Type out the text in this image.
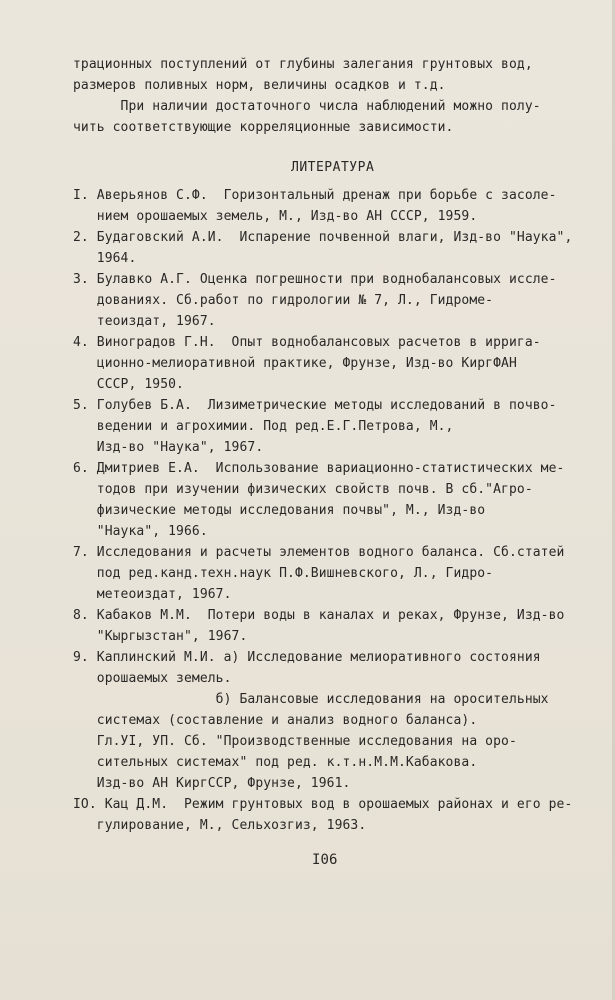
трационных поступлений от глубины залегания грунтовых вод,
размеров поливных норм, величины осадков и т.д.
При наличии достаточного числа наблюдений можно полу-
чить соответствующие корреляционные зависимости.
ЛИТЕРАТУРА
I. Аверьянов С.Ф.  Горизонтальный дренаж при борьбе с засоле-
нием орошаемых земель, М., Изд-во АН СССР, 1959.
2. Будаговский А.И.  Испарение почвенной влаги, Изд-во "Наука",
1964.
3. Булавко А.Г. Оценка погрешности при воднобалансовых иссле-
дованиях. Сб.работ по гидрологии № 7, Л., Гидроме-
теоиздат, 1967.
4. Виноградов Г.Н.  Опыт воднобалансовых расчетов в ирригa-
ционно-мелиоративной практике, Фрунзе, Изд-во КиргФАН
СССР, 1950.
5. Голубев Б.А.  Лизиметрические методы исследований в почво-
ведении и агрохимии. Под ред.Е.Г.Петрова, М.,
Изд-во "Наука", 1967.
6. Дмитриев Е.А.  Использование вариационно-статистических ме-
тодов при изучении физических свойств почв. В сб."Агро-
физические методы исследования почвы", М., Изд-во
"Наука", 1966.
7. Исследования и расчеты элементов водного баланса. Сб.статей
под ред.канд.техн.наук П.Ф.Вишневского, Л., Гидро-
метеоиздат, 1967.
8. Кабаков М.М.  Потери воды в каналах и реках, Фрунзе, Изд-во
"Кыргызстан", 1967.
9. Каплинский М.И. а) Исследование мелиоративного состояния
орошаемых земель.
б) Балансовые исследования на оросительных
системах (составление и анализ водного баланса).
Гл.УI, УП. Сб. "Производственные исследования на оро-
сительных системах" под ред. к.т.н.М.М.Кабакова.
Изд-во АН КиргССР, Фрунзе, 1961.
IO. Кац Д.М.  Режим грунтовых вод в орошаемых районах и его ре-
гулирование, М., Сельхозгиз, 1963.
I06
